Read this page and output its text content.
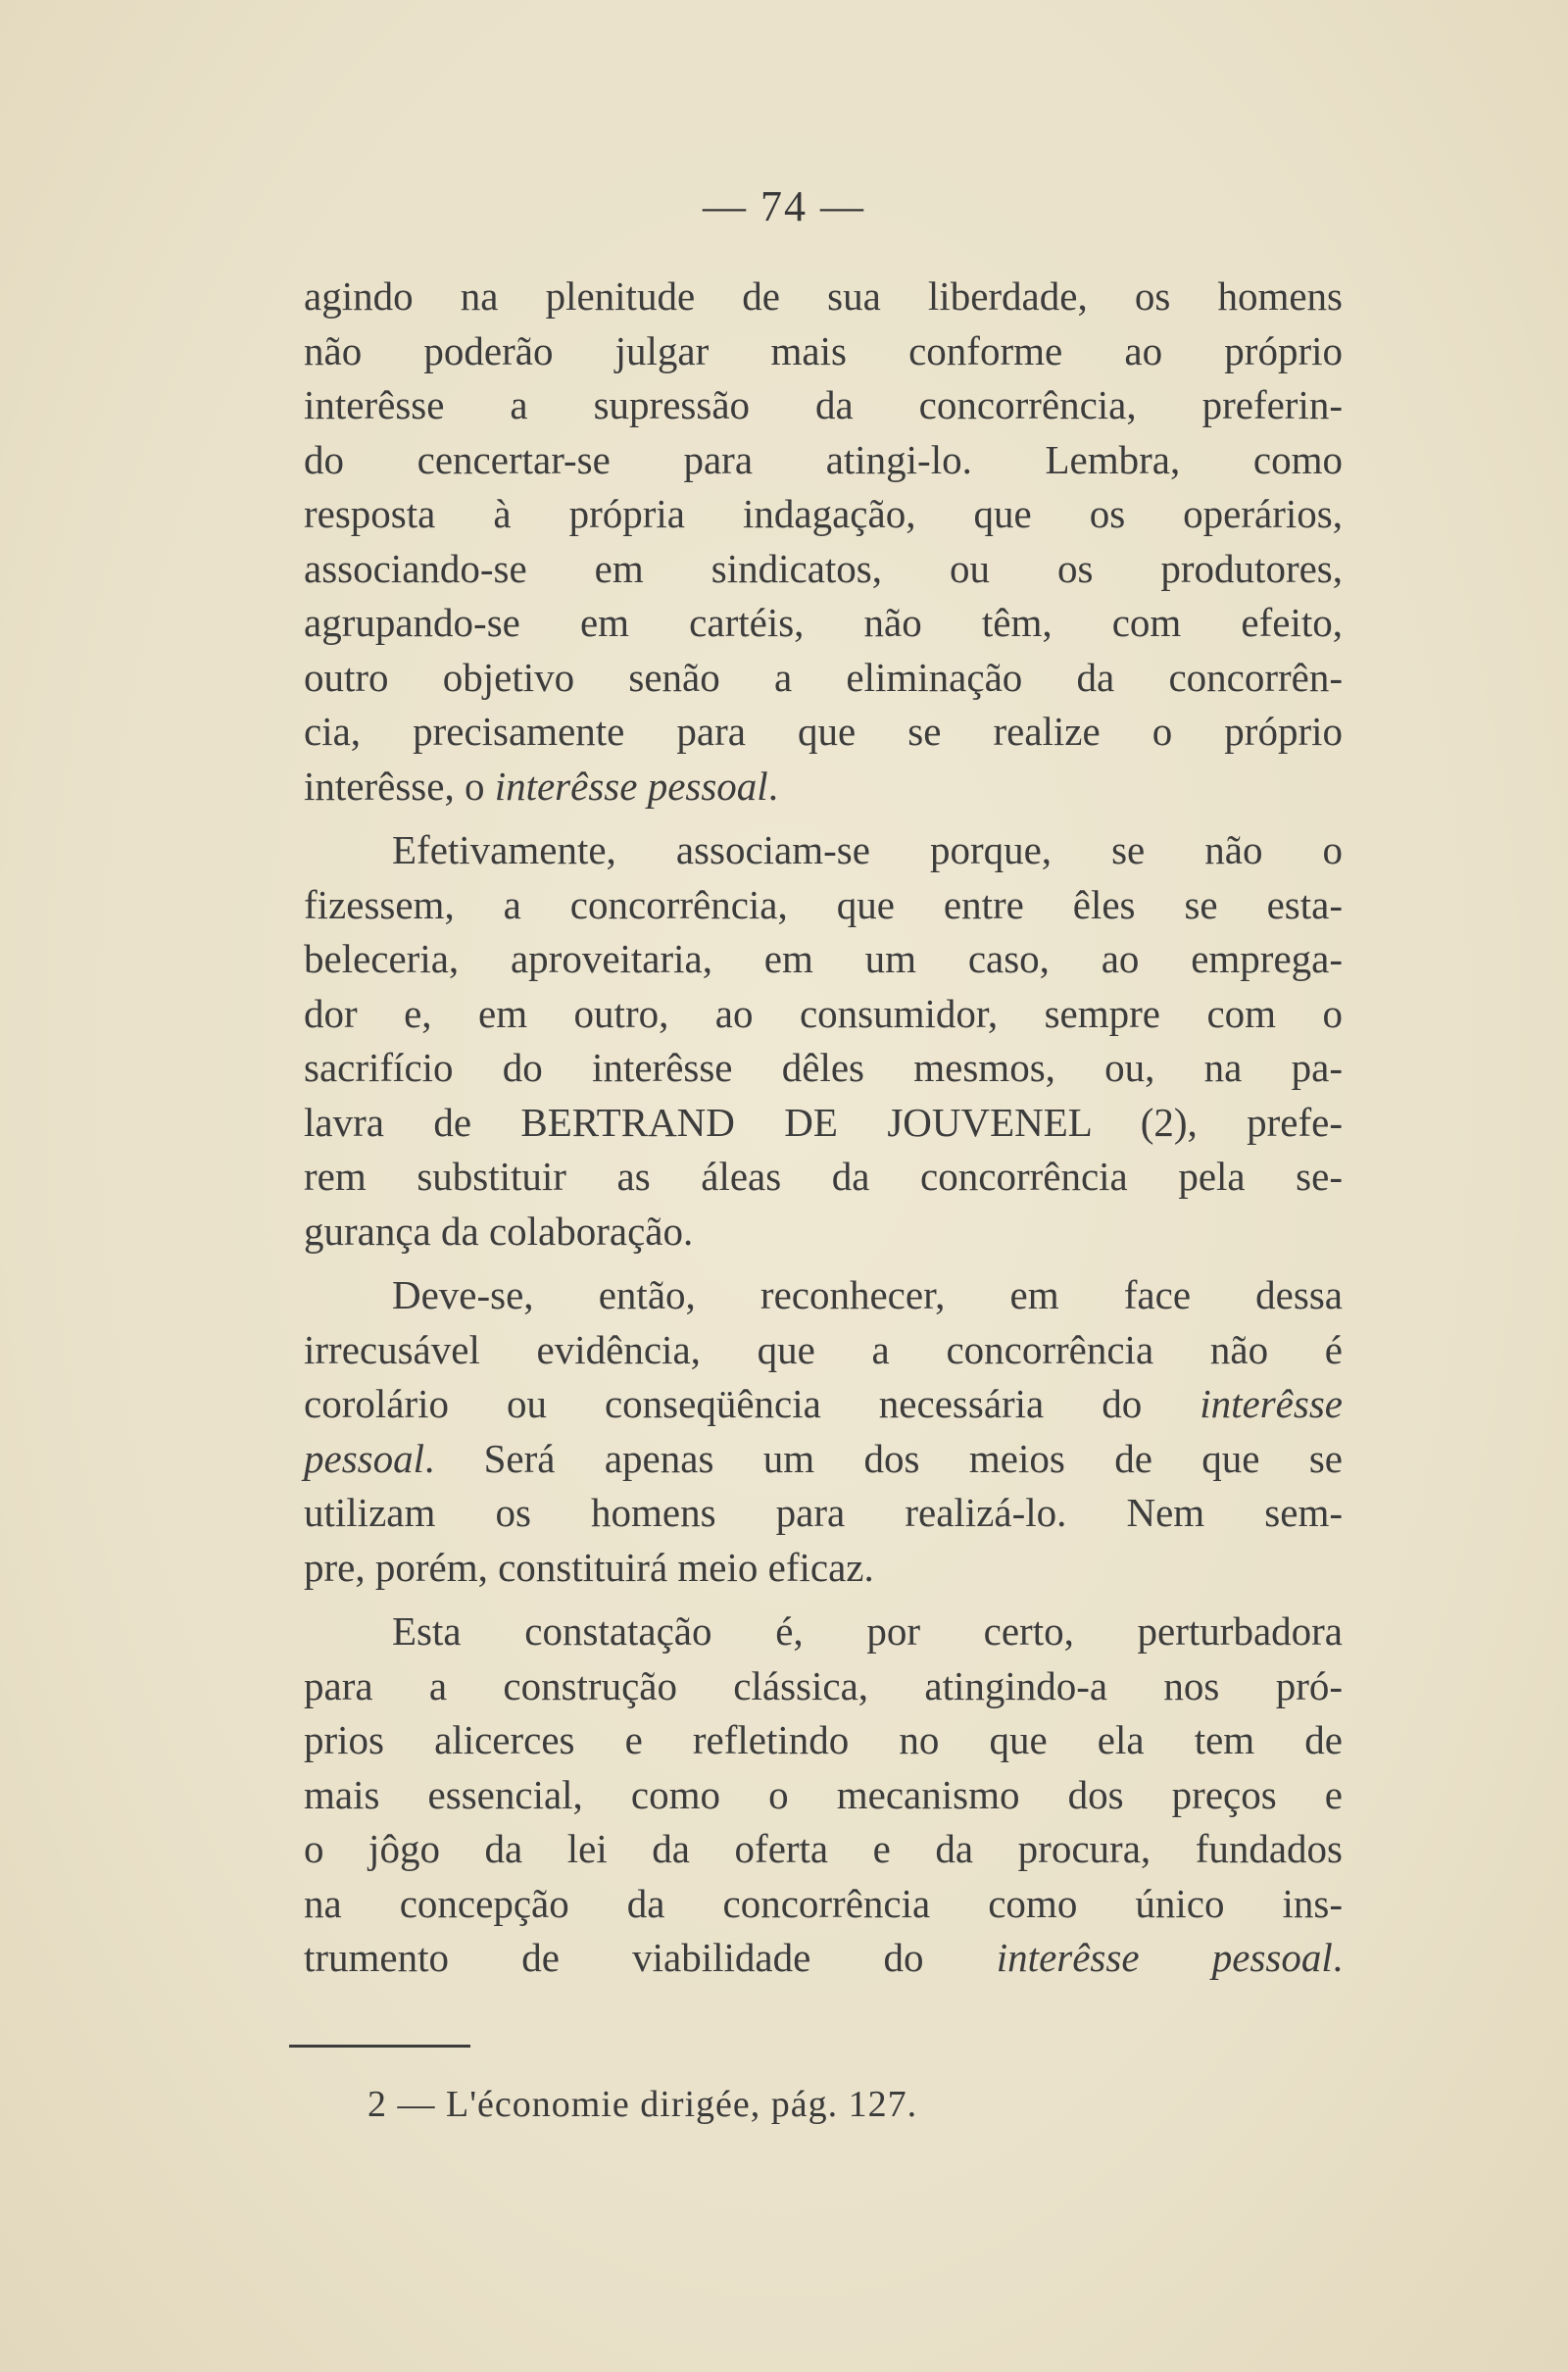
— 74 —
agindo na plenitude de sua liberdade, os homens
não poderão julgar mais conforme ao próprio
interêsse a supressão da concorrência, preferin-
do cencertar-se para atingi-lo. Lembra, como
resposta à própria indagação, que os operários,
associando-se em sindicatos, ou os produtores,
agrupando-se em cartéis, não têm, com efeito,
outro objetivo senão a eliminação da concorrên-
cia, precisamente para que se realize o próprio
interêsse, o interêsse pessoal.
Efetivamente, associam-se porque, se não o
fizessem, a concorrência, que entre êles se esta-
beleceria, aproveitaria, em um caso, ao emprega-
dor e, em outro, ao consumidor, sempre com o
sacrifício do interêsse dêles mesmos, ou, na pa-
lavra de BERTRAND DE JOUVENEL (2), prefe-
rem substituir as áleas da concorrência pela se-
gurança da colaboração.
Deve-se, então, reconhecer, em face dessa
irrecusável evidência, que a concorrência não é
corolário ou conseqüência necessária do interêsse
pessoal. Será apenas um dos meios de que se
utilizam os homens para realizá-lo. Nem sem-
pre, porém, constituirá meio eficaz.
Esta constatação é, por certo, perturbadora
para a construção clássica, atingindo-a nos pró-
prios alicerces e refletindo no que ela tem de
mais essencial, como o mecanismo dos preços e
o jôgo da lei da oferta e da procura, fundados
na concepção da concorrência como único ins-
trumento de viabilidade do interêsse pessoal.
2 — L'économie dirigée, pág. 127.
